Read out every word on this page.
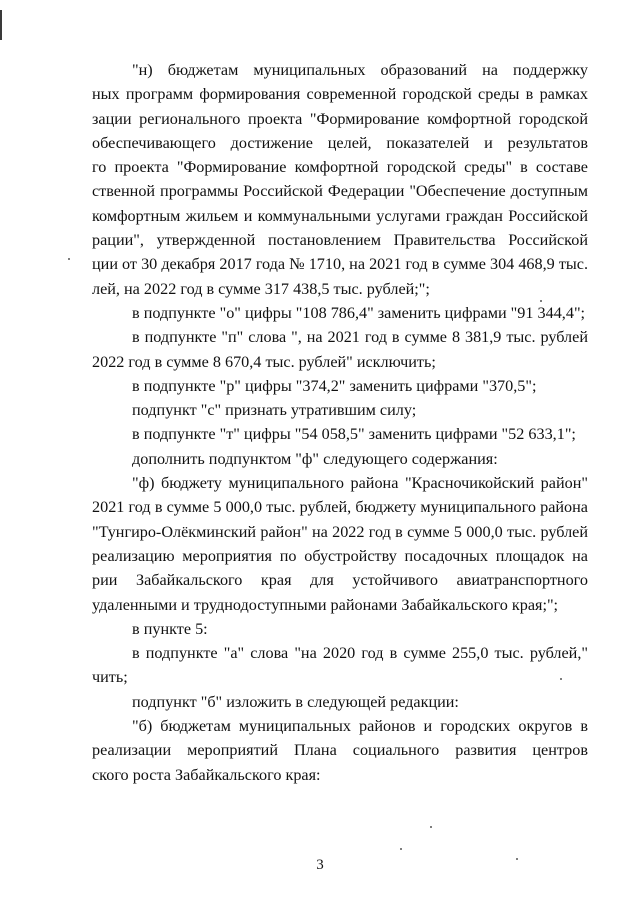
"н) бюджетам муниципальных образований на поддержку
ных программ формирования современной городской среды в рамках
зации регионального проекта "Формирование комфортной городской
обеспечивающего достижение целей, показателей и результатов
го проекта "Формирование комфортной городской среды" в составе
ственной программы Российской Федерации "Обеспечение доступным
комфортным жильем и коммунальными услугами граждан Российской
рации", утвержденной постановлением Правительства Российской
ции от 30 декабря 2017 года № 1710, на 2021 год в сумме 304 468,9 тыс.
лей, на 2022 год в сумме 317 438,5 тыс. рублей;";
в подпункте "о" цифры "108 786,4" заменить цифрами "91 344,4";
в подпункте "п" слова ", на 2021 год в сумме 8 381,9 тыс. рублей
2022 год в сумме 8 670,4 тыс. рублей" исключить;
в подпункте "р" цифры "374,2" заменить цифрами "370,5";
подпункт "с" признать утратившим силу;
в подпункте "т" цифры "54 058,5" заменить цифрами "52 633,1";
дополнить подпунктом "ф" следующего содержания:
"ф) бюджету муниципального района "Красночикойский район"
2021 год в сумме 5 000,0 тыс. рублей, бюджету муниципального района
"Тунгиро-Олёкминский район" на 2022 год в сумме 5 000,0 тыс. рублей
реализацию мероприятия по обустройству посадочных площадок на
рии Забайкальского края для устойчивого авиатранспортного
удаленными и труднодоступными районами Забайкальского края;";
в пункте 5:
в подпункте "а" слова "на 2020 год в сумме 255,0 тыс. рублей,"
чить;
подпункт "б" изложить в следующей редакции:
"б) бюджетам муниципальных районов и городских округов в
реализации мероприятий Плана социального развития центров
ского роста Забайкальского края:
3
